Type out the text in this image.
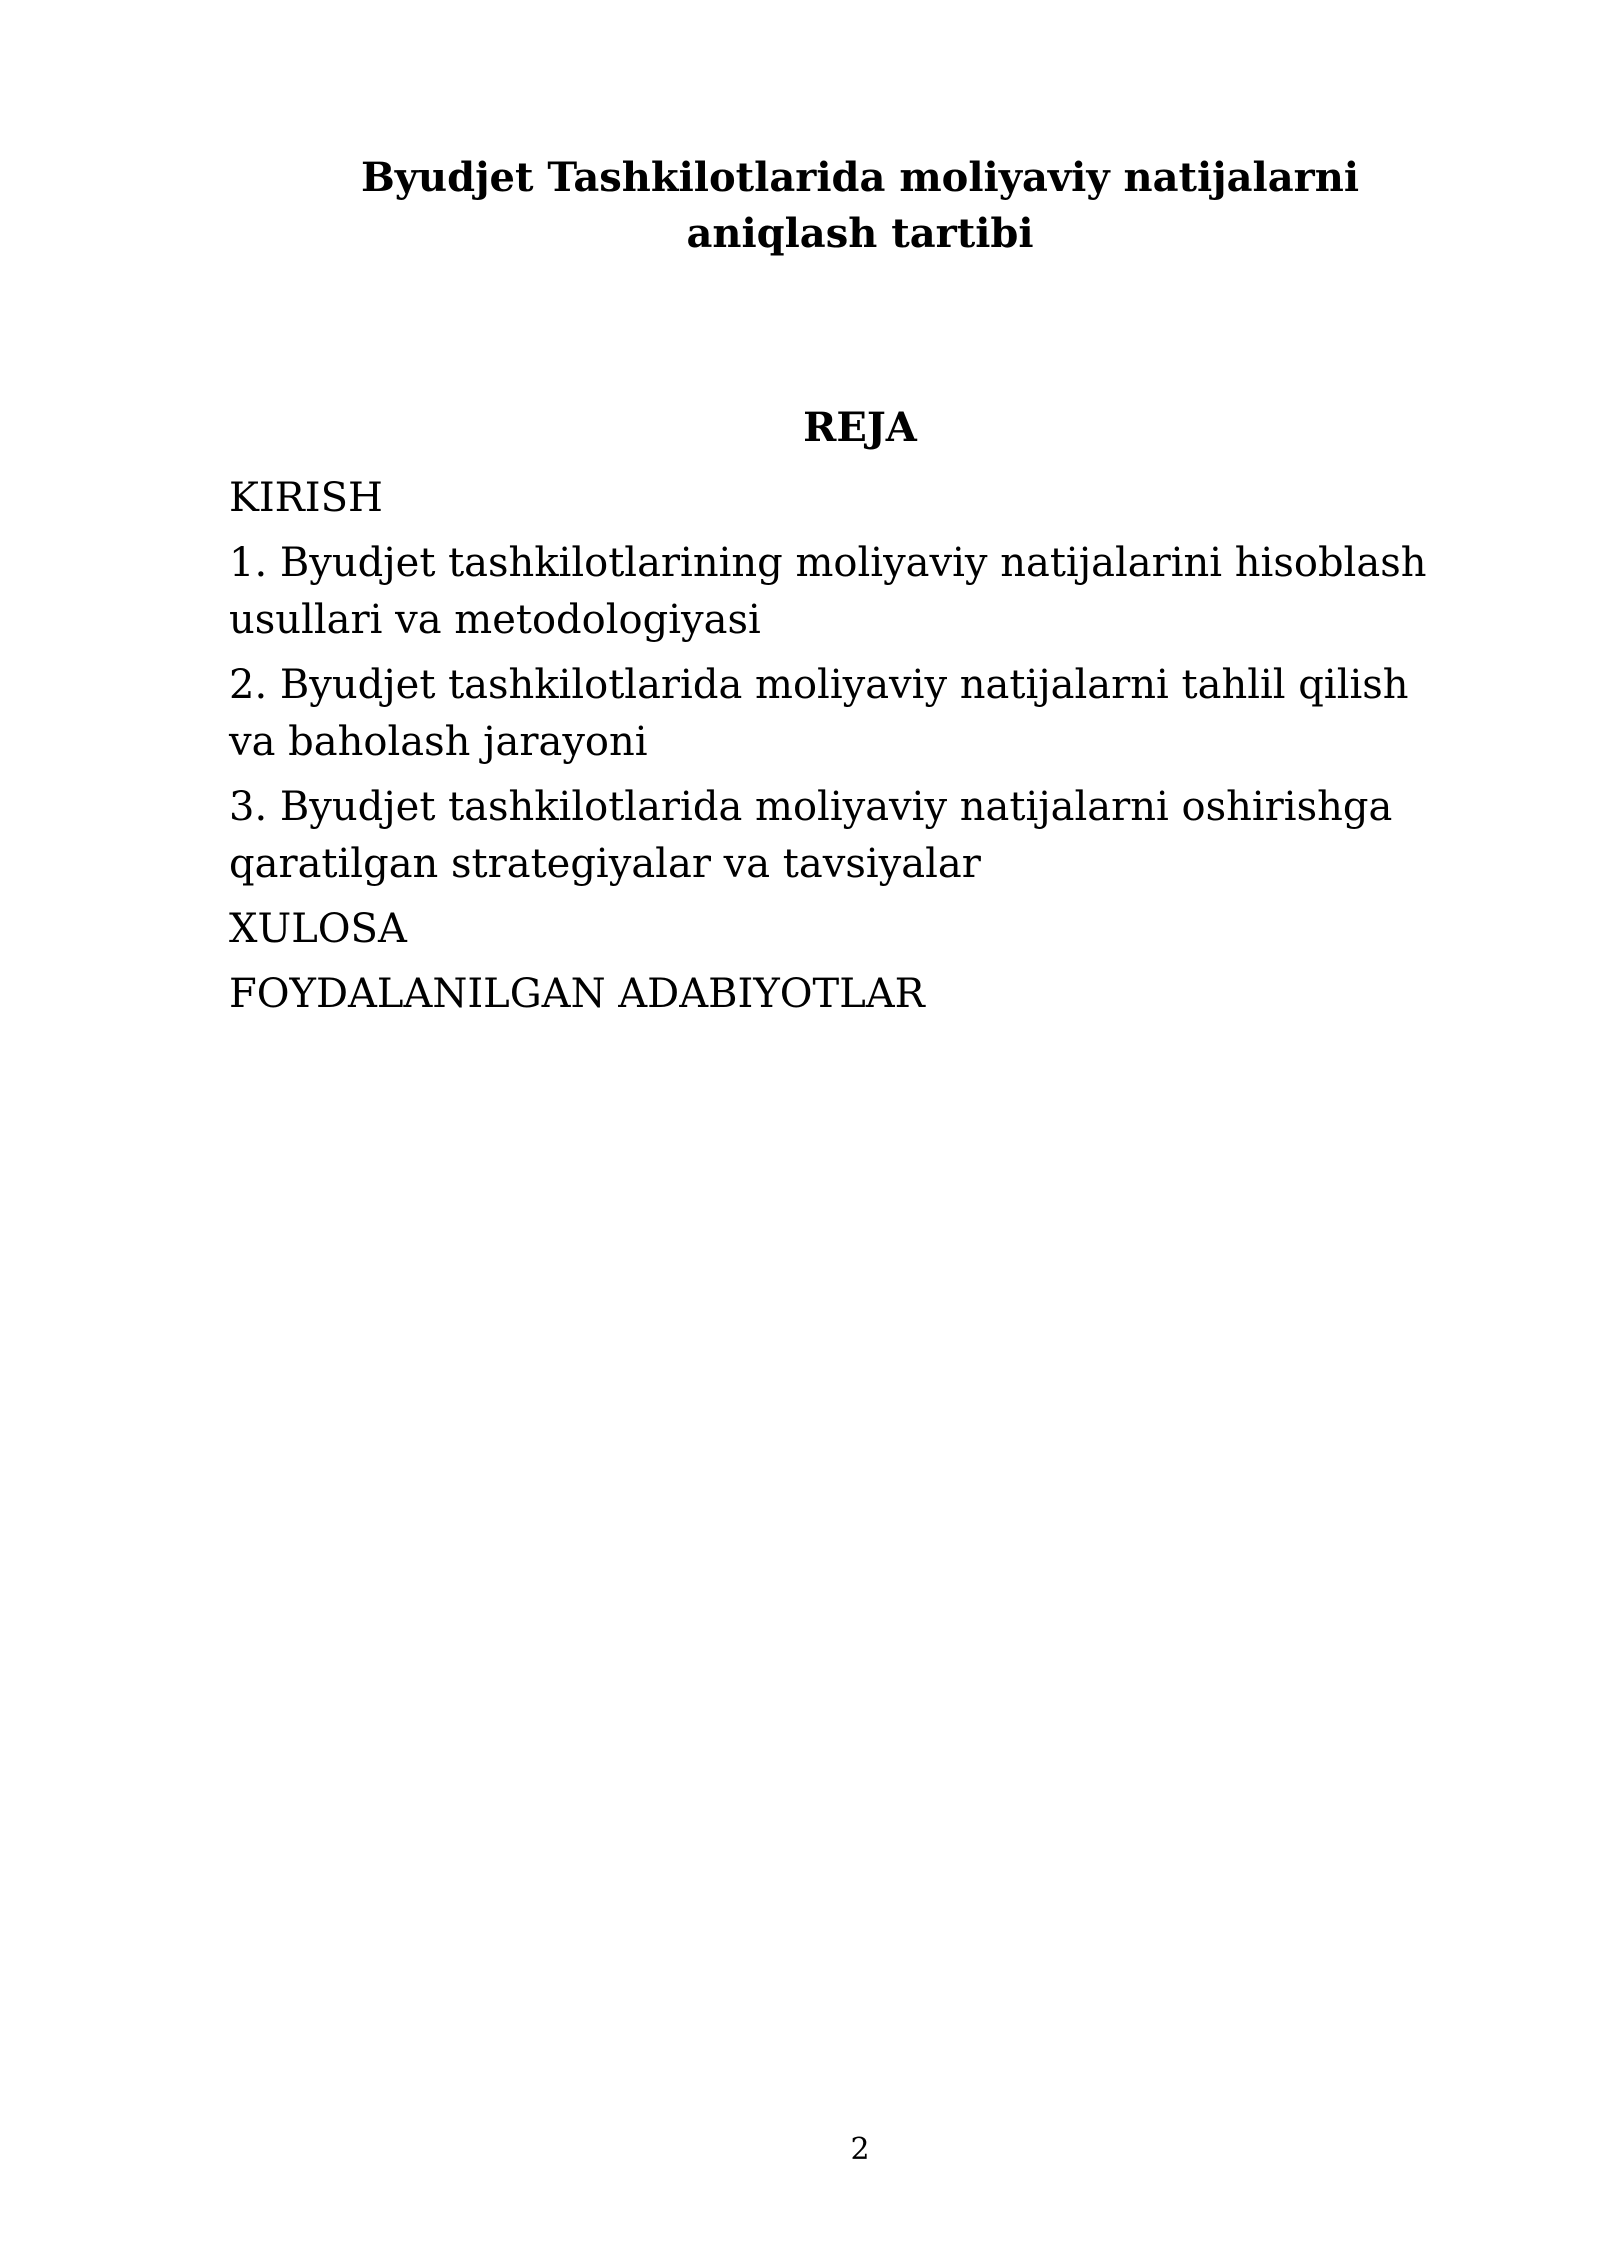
Byudjet Tashkilotlarida moliyaviy natijalarni aniqlash tartibi
REJA
KIRISH
1. Byudjet tashkilotlarining moliyaviy natijalarini hisoblash usullari va metodologiyasi
2. Byudjet tashkilotlarida moliyaviy natijalarni tahlil qilish va baholash jarayoni
3. Byudjet tashkilotlarida moliyaviy natijalarni oshirishga qaratilgan strategiyalar va tavsiyalar
XULOSA
FOYDALANILGAN ADABIYOTLAR
2
